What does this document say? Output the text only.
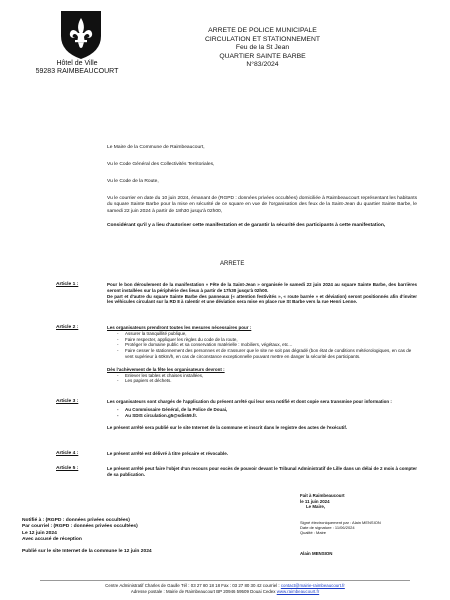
Hôtel de Ville
59283 RAIMBEAUCOURT
ARRETE DE POLICE MUNICIPALE
CIRCULATION ET STATIONNEMENT
Feu de la St Jean
QUARTIER SAINTE BARBE
N°83/2024
Le Maire de la Commune de Raimbeaucourt,
Vu le Code Général des Collectivités Territoriales,
Vu le Code de la Route,
Vu le courrier en date du 10 juin 2024, émanant de (RGPD : données privées occultées) domiciliée à Raimbeaucourt représentant les habitants du square Sainte Barbe pour la mise en sécurité de ce square en vue de l'organisation des feux de la Saint-Jean du quartier Sainte Barbe, le samedi 22 juin 2024 à partir de 18h30 jusqu'à 02h00,
Considérant qu'il y a lieu d'autoriser cette manifestation et de garantir la sécurité des participants à cette manifestation,
ARRETE
Article 1 :	Pour le bon déroulement de la manifestation « Fête de la Saint-Jean » organisée le samedi 22 juin 2024 au square Sainte Barbe, des barrières seront installées sur la périphérie des lieux à partir de 17h30 jusqu'à 02h00.
De part et d'autre du square Sainte Barbe des panneaux (« attention festivités », « route barrée » et déviation) seront positionnés afin d'inviter les véhicules circulant sur la RD 8 à ralentir et une déviation sera mise en place rue St Barbe vers la rue Henri Lenne.
Article 2 :	Les organisateurs prendront toutes les mesures nécessaires pour :
- Assurer la tranquillité publique,
- Faire respecter, appliquer les règles du code de la route,
- Protéger le domaine public et sa conservation matérielle : mobiliers, végétaux, etc…
- Faire cesser le stationnement des personnes et de s'assurer que le site ne soit pas dégradé (bon état de conditions météorologiques, en cas de vent supérieur à 60km/h, en cas de circonstance exceptionnelle pouvant mettre en danger la sécurité des participants.
Dès l'achèvement de la fête les organisateurs devront :
- Enlever les tables et chaises installées,
- Les papiers et déchets.
Article 3 :	Les organisateurs sont chargés de l'application du présent arrêté qui leur sera notifié et dont copie sera transmise pour information :
- Au Commissaire Général, de la Police de Douai,
- Au SDIS circulation.g5@sdis59.fr.
Le présent arrêté sera publié sur le site Internet de la commune et inscrit dans le registre des actes de l'exécutif.
Article 4 :	Le présent arrêté est délivré à titre précaire et révocable.
Article 5 :	Le présent arrêté peut faire l'objet d'un recours pour excès de pouvoir devant le Tribunal Administratif de Lille dans un délai de 2 mois à compter de sa publication.
Notifié à : (RGPD : données privées occultées)
Par courriel : (RGPD : données privées occultées)
Le 12 juin 2024
Avec accusé de réception
Publié sur le site Internet de la commune le 12 juin 2024
Fait à Raimbeaucourt
le 11 juin 2024
Le Maire,
Signé électroniquement par : Alain MENSION
Date de signature : 11/06/2024
Qualité : Maire
Alain MENSION
Centre Administratif Charles de Gaulle Tél : 03 27 80 18 18 Fax : 03 27 80 30 42 courriel : contact@mairie-raimbeaucourt.fr
Adresse postale : Mairie de Raimbeaucourt BP 20946 59509 Douai Cedex www.raimbeaucourt.fr
